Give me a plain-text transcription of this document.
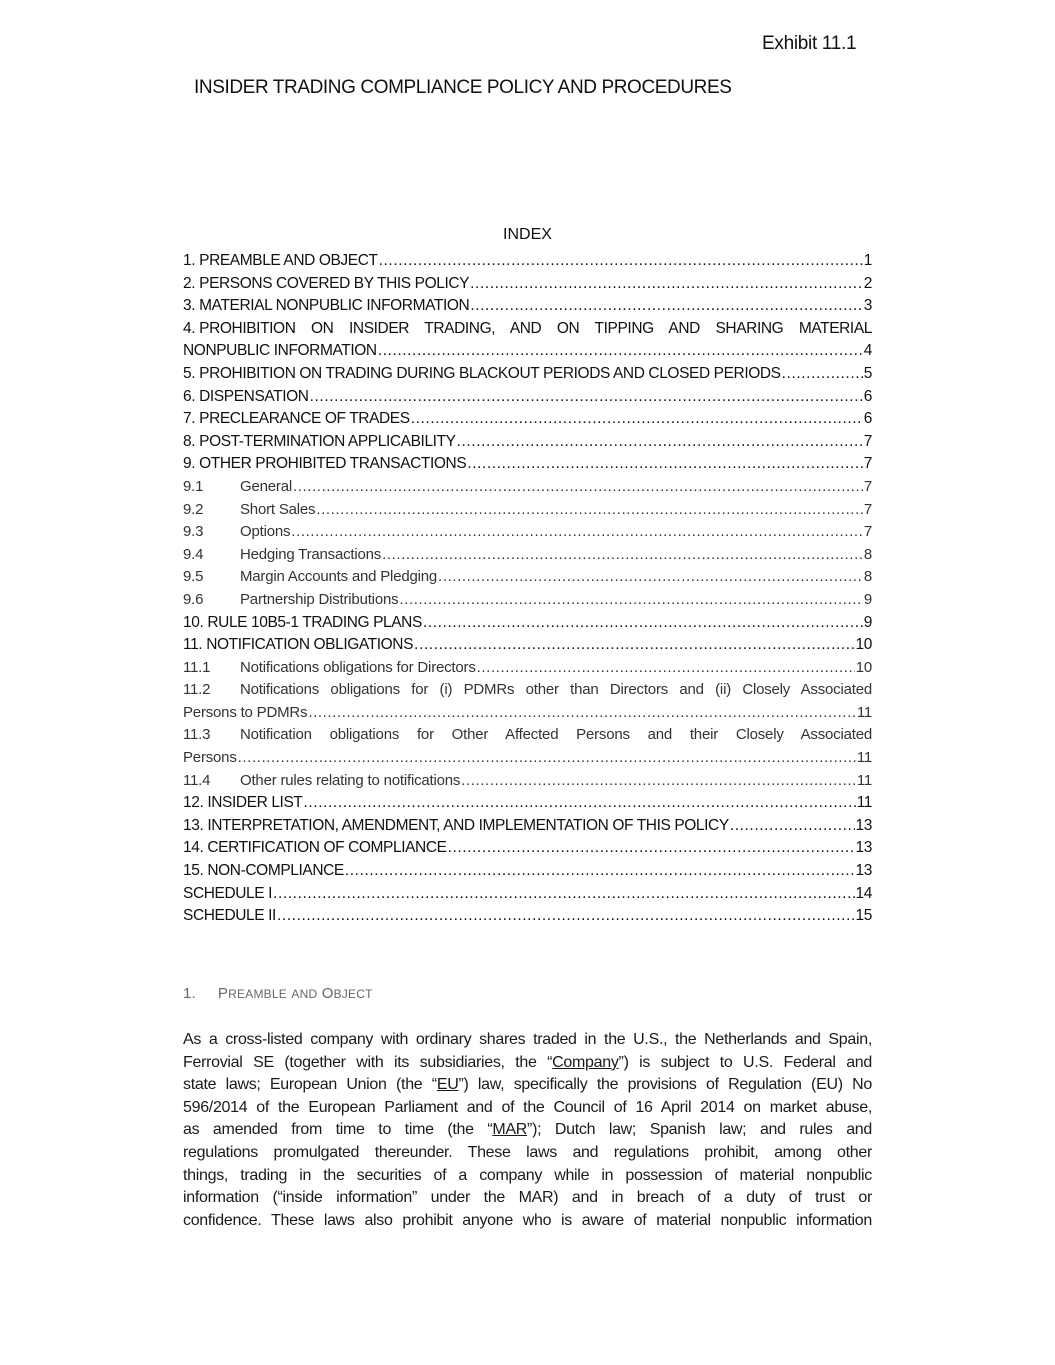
Exhibit 11.1
INSIDER TRADING COMPLIANCE POLICY AND PROCEDURES
INDEX
1. PREAMBLE AND OBJECT .....	1
2. PERSONS COVERED BY THIS POLICY .....	2
3. MATERIAL NONPUBLIC INFORMATION .....	3
4. PROHIBITION ON INSIDER TRADING, AND ON TIPPING AND SHARING MATERIAL
NONPUBLIC INFORMATION .....	4
5. PROHIBITION ON TRADING DURING BLACKOUT PERIODS AND CLOSED PERIODS .....	5
6. DISPENSATION .....	6
7. PRECLEARANCE OF TRADES .....	6
8. POST-TERMINATION APPLICABILITY .....	7
9. OTHER PROHIBITED TRANSACTIONS .....	7
9.1	General .....	7
9.2	Short Sales .....	7
9.3	Options .....	7
9.4	Hedging Transactions .....	8
9.5	Margin Accounts and Pledging .....	8
9.6	Partnership Distributions .....	9
10. RULE 10B5-1 TRADING PLANS .....	9
11. NOTIFICATION OBLIGATIONS .....	10
11.1	Notifications obligations for Directors .....	10
11.2	Notifications obligations for (i) PDMRs other than Directors and (ii) Closely Associated
Persons to PDMRs .....	11
11.3	Notification obligations for Other Affected Persons and their Closely Associated
Persons .....	11
11.4	Other rules relating to notifications .....	11
12. INSIDER LIST .....	11
13. INTERPRETATION, AMENDMENT, AND IMPLEMENTATION OF THIS POLICY .....	13
14. CERTIFICATION OF COMPLIANCE .....	13
15. NON-COMPLIANCE .....	13
SCHEDULE I .....	14
SCHEDULE II .....	15
1. PREAMBLE AND OBJECT
As a cross-listed company with ordinary shares traded in the U.S., the Netherlands and Spain,
Ferrovial SE (together with its subsidiaries, the “Company”) is subject to U.S. Federal and
state laws; European Union (the “EU”) law, specifically the provisions of Regulation (EU) No
596/2014 of the European Parliament and of the Council of 16 April 2014 on market abuse,
as amended from time to time (the “MAR”); Dutch law; Spanish law; and rules and
regulations promulgated thereunder. These laws and regulations prohibit, among other
things, trading in the securities of a company while in possession of material nonpublic
information (“inside information” under the MAR) and in breach of a duty of trust or
confidence. These laws also prohibit anyone who is aware of material nonpublic information
